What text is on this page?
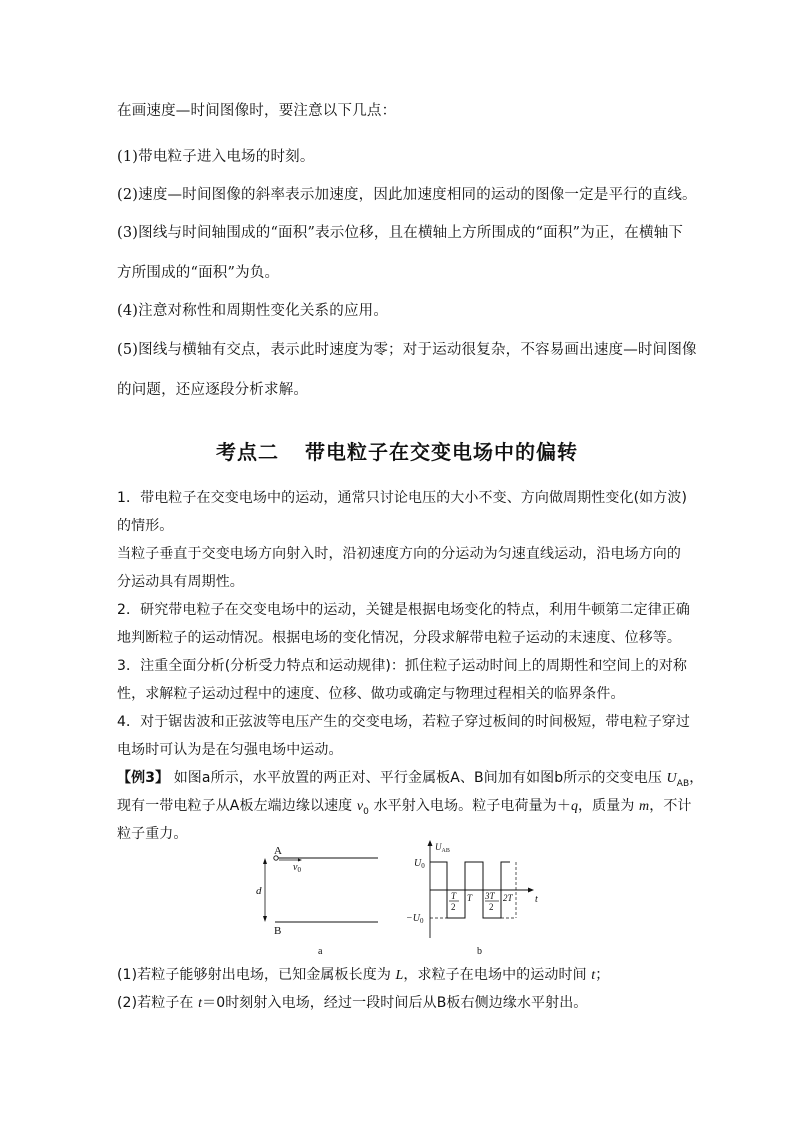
在画速度—时间图像时，要注意以下几点：
(1)带电粒子进入电场的时刻。
(2)速度—时间图像的斜率表示加速度，因此加速度相同的运动的图像一定是平行的直线。
(3)图线与时间轴围成的“面积”表示位移，且在横轴上方所围成的“面积”为正，在横轴下
方所围成的“面积”为负。
(4)注意对称性和周期性变化关系的应用。
(5)图线与横轴有交点，表示此时速度为零；对于运动很复杂，不容易画出速度—时间图像
的问题，还应逐段分析求解。
考点二 带电粒子在交变电场中的偏转
1．带电粒子在交变电场中的运动，通常只讨论电压的大小不变、方向做周期性变化(如方波)
的情形。
当粒子垂直于交变电场方向射入时，沿初速度方向的分运动为匀速直线运动，沿电场方向的
分运动具有周期性。
2．研究带电粒子在交变电场中的运动，关键是根据电场变化的特点，利用牛顿第二定律正确
地判断粒子的运动情况。根据电场的变化情况，分段求解带电粒子运动的末速度、位移等。
3．注重全面分析(分析受力特点和运动规律)：抓住粒子运动时间上的周期性和空间上的对称
性，求解粒子运动过程中的速度、位移、做功或确定与物理过程相关的临界条件。
4．对于锯齿波和正弦波等电压产生的交变电场，若粒子穿过板间的时间极短，带电粒子穿过
电场时可认为是在匀强电场中运动。
【例3】 如图a所示，水平放置的两正对、平行金属板A、B间加有如图b所示的交变电压 $U_{AB}$，
现有一带电粒子从A板左端边缘以速度 $v_0$ 水平射入电场。粒子电荷量为＋q，质量为 m，不计
粒子重力。
$v_0$
A
B
d
a
$U_{AB}$
t
$U_0$
$-U_0$
T
2
T 3T
2
2T
b
(1)若粒子能够射出电场，已知金属板长度为 L，求粒子在电场中的运动时间 t；
(2)若粒子在 t＝0时刻射入电场，经过一段时间后从B板右侧边缘水平射出。
